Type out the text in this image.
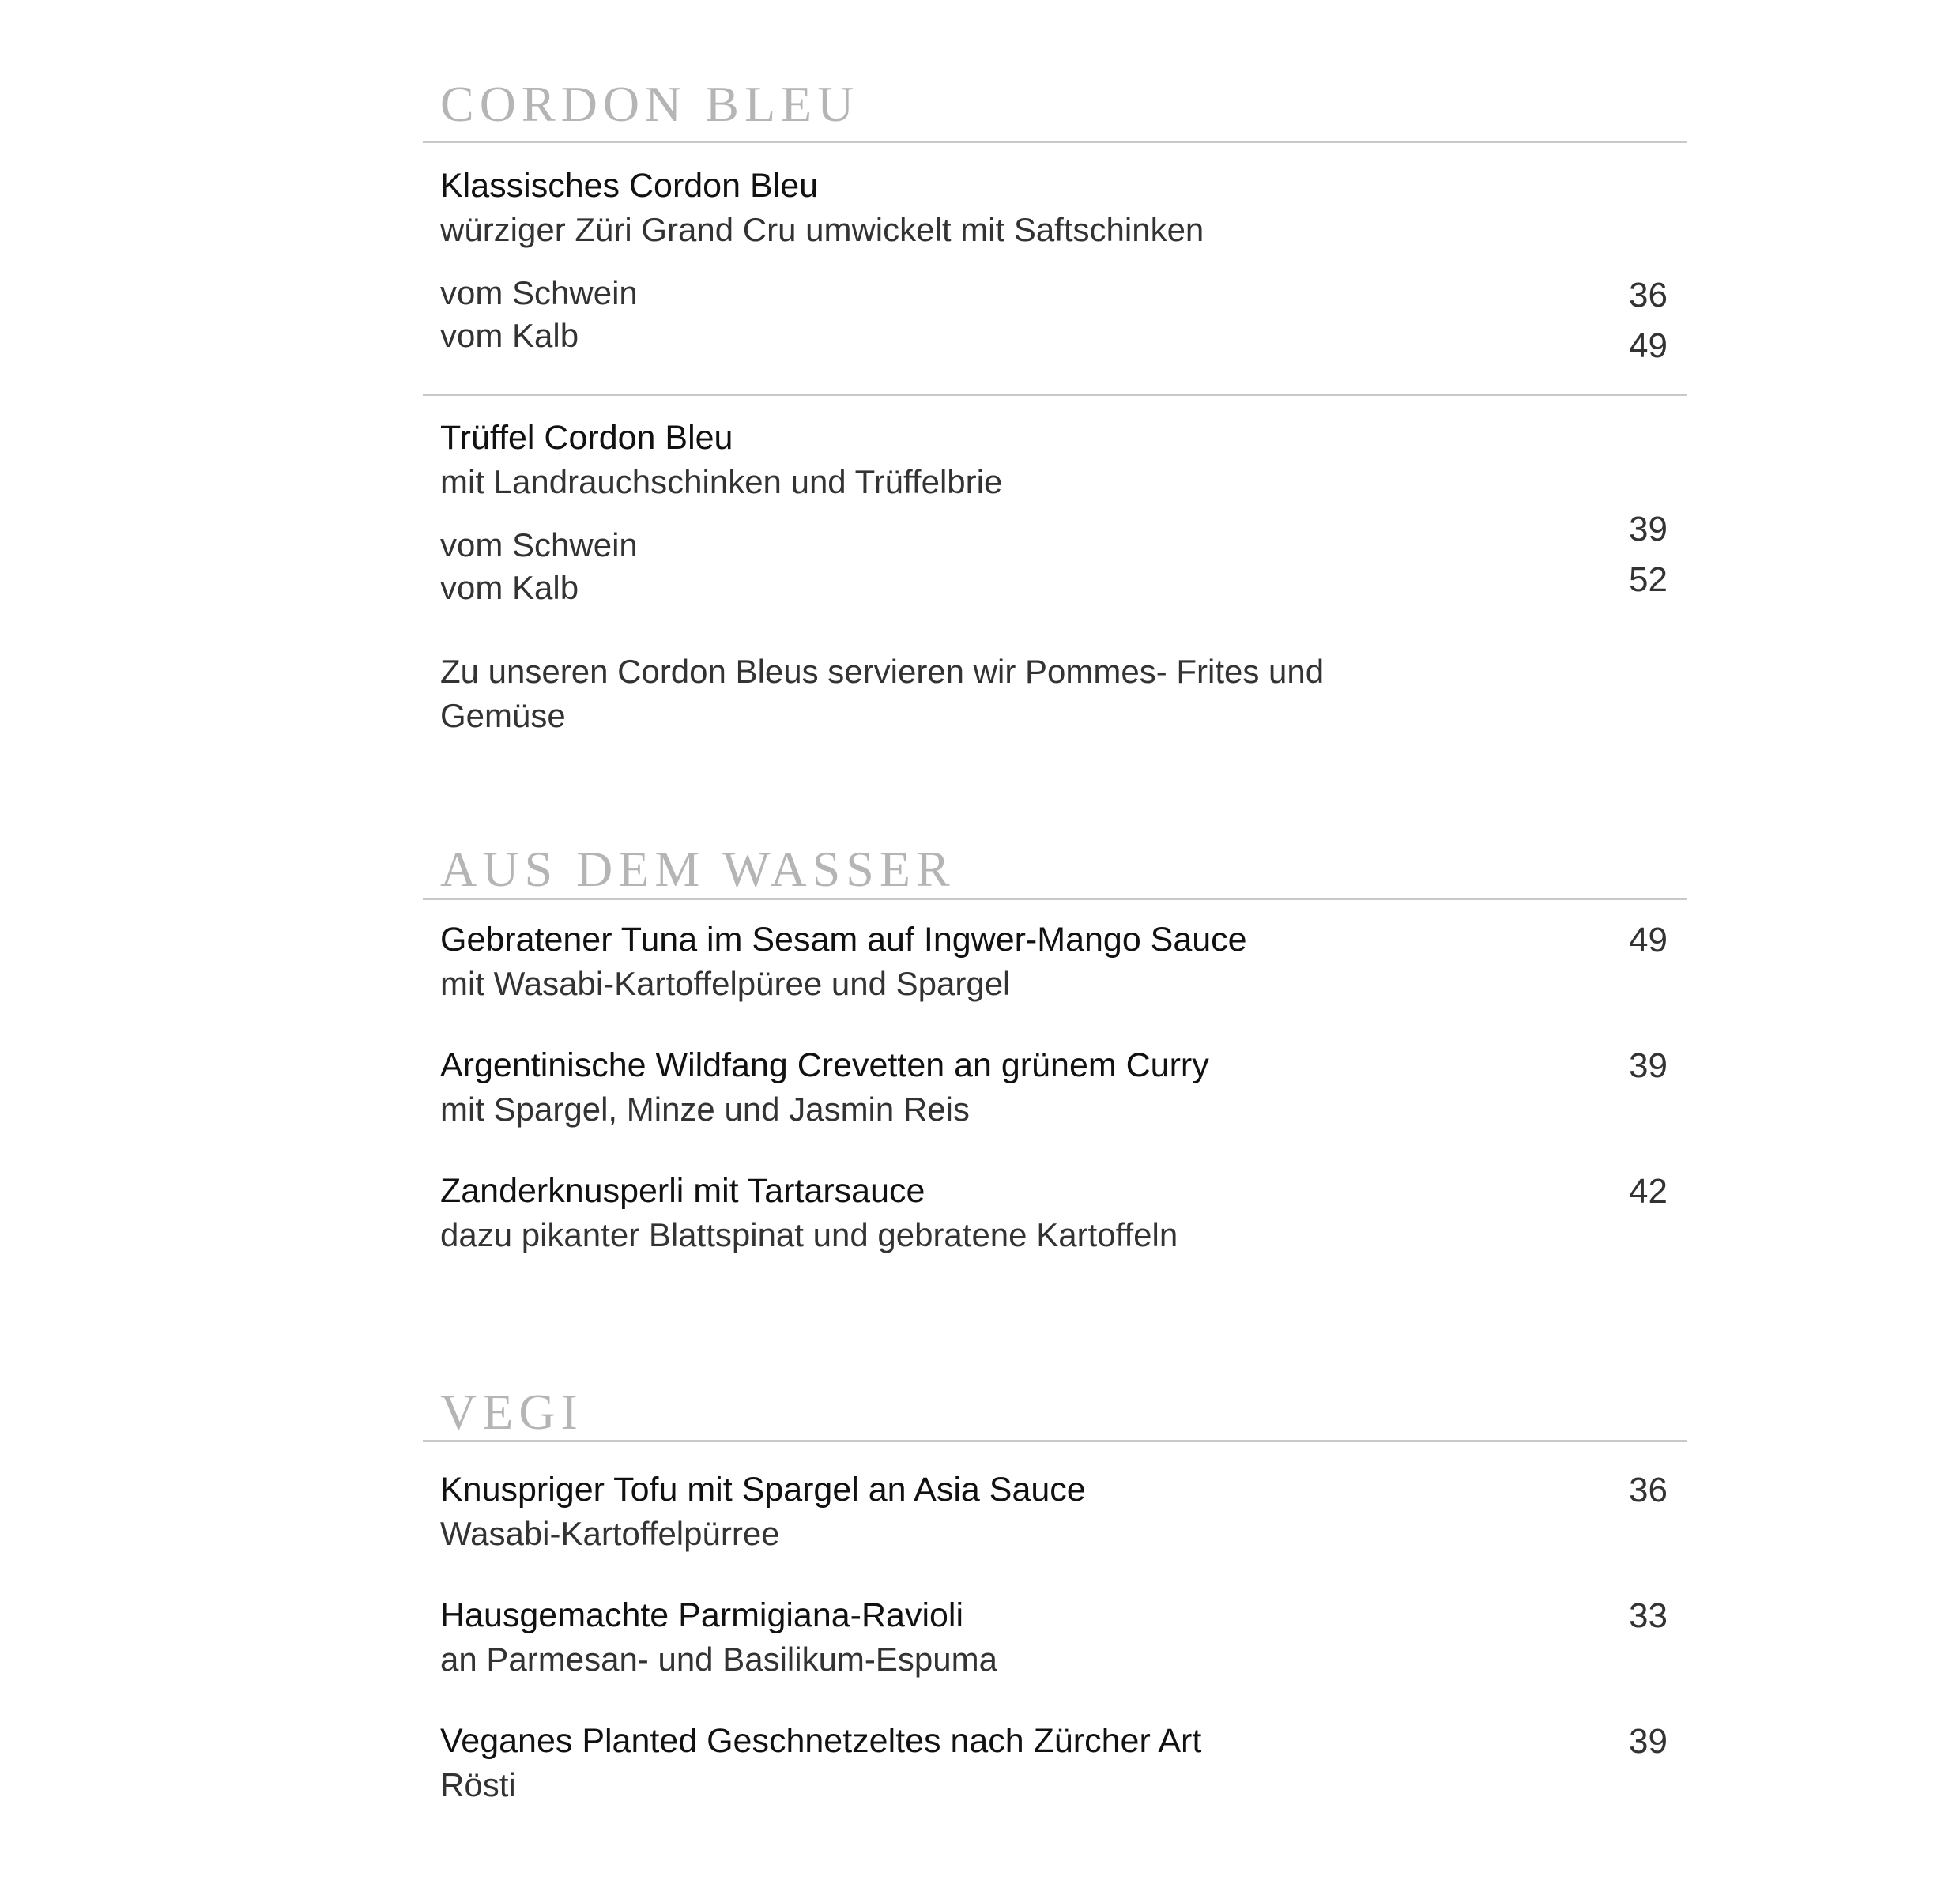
CORDON BLEU
Klassisches Cordon Bleu
würziger Züri Grand Cru umwickelt mit Saftschinken
vom Schwein
vom Kalb
36
49
Trüffel Cordon Bleu
mit Landrauchschinken und Trüffelbrie
vom Schwein
vom Kalb
39
52
Zu unseren Cordon Bleus servieren wir Pommes- Frites und Gemüse
AUS DEM WASSER
Gebratener Tuna im Sesam auf Ingwer-Mango Sauce
mit Wasabi-Kartoffelpüree und Spargel
49
Argentinische Wildfang Crevetten an grünem Curry
mit Spargel, Minze und Jasmin Reis
39
Zanderknusperli mit Tartarsauce
dazu pikanter Blattspinat und gebratene Kartoffeln
42
VEGI
Knuspriger Tofu mit Spargel an Asia Sauce
Wasabi-Kartoffelpürree
36
Hausgemachte Parmigiana-Ravioli
an Parmesan- und Basilikum-Espuma
33
Veganes Planted Geschnetzeltes nach Zürcher Art
Rösti
39
